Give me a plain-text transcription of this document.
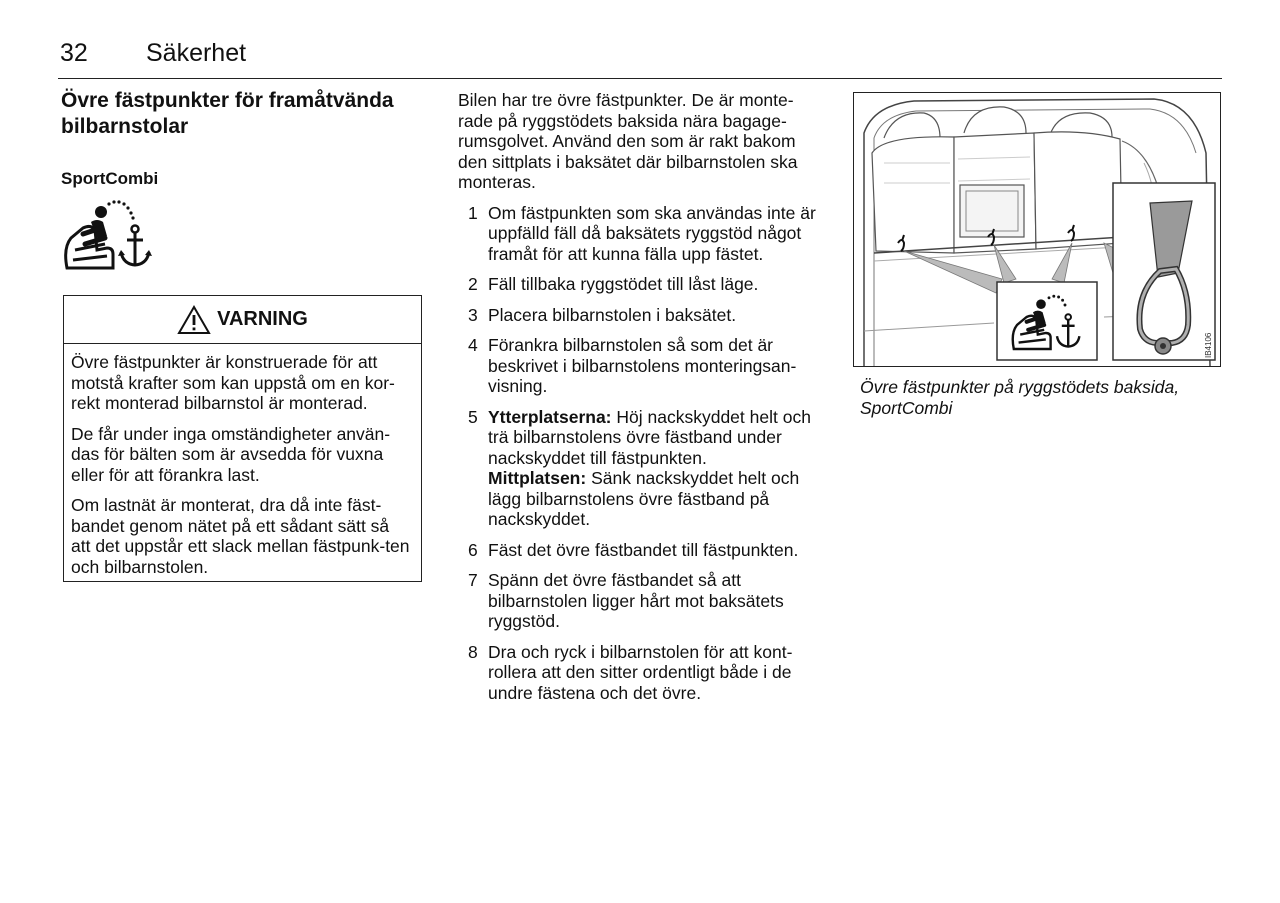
32 Säkerhet
Övre fästpunkter för framåtvända bilbarnstolar
SportCombi
VARNING

Övre fästpunkter är konstruerade för att motstå krafter som kan uppstå om en kor-rekt monterad bilbarnstol är monterad.

De får under inga omständigheter använ-das för bälten som är avsedda för vuxna eller för att förankra last.

Om lastnät är monterat, dra då inte fäst-bandet genom nätet på ett sådant sätt så att det uppstår ett slack mellan fästpunk-ten och bilbarnstolen.

Bilen har tre övre fästpunkter. De är monte-rade på ryggstödets baksida nära bagage-rumsgolvet. Använd den som är rakt bakom den sittplats i baksätet där bilbarnstolen ska monteras.

1 Om fästpunkten som ska användas inte är uppfälld fäll då baksätets ryggstöd något framåt för att kunna fälla upp fästet.
2 Fäll tillbaka ryggstödet till låst läge.
3 Placera bilbarnstolen i baksätet.
4 Förankra bilbarnstolen så som det är beskrivet i bilbarnstolens monteringsan-visning.
5 Ytterplatserna: Höj nackskyddet helt och trä bilbarnstolens övre fästband under nackskyddet till fästpunkten.
Mittplatsen: Sänk nackskyddet helt och lägg bilbarnstolens övre fästband på nackskyddet.
6 Fäst det övre fästbandet till fästpunkten.
7 Spänn det övre fästbandet så att bilbarnstolen ligger hårt mot baksätets ryggstöd.
8 Dra och ryck i bilbarnstolen för att kont-rollera att den sitter ordentligt både i de undre fästena och det övre.
IB4106
Övre fästpunkter på ryggstödets baksida, SportCombi
